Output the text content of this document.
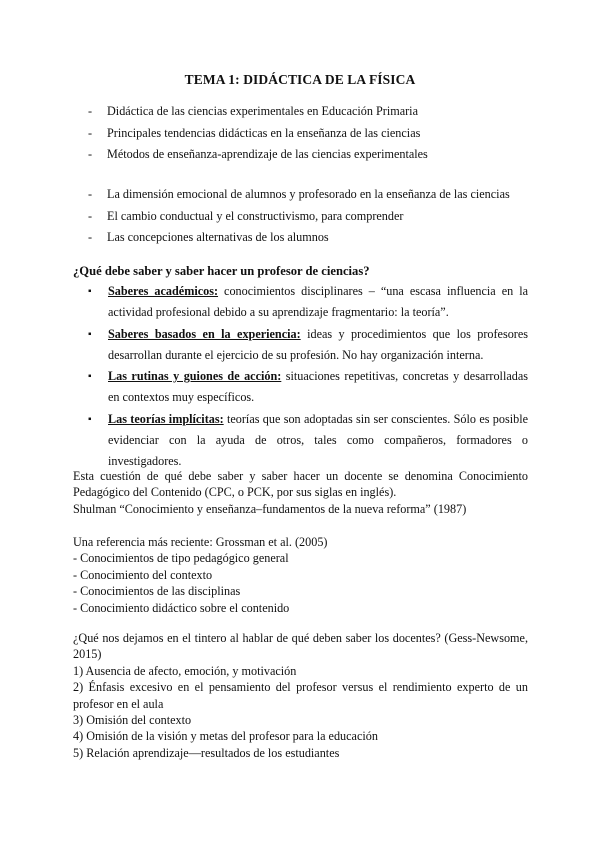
TEMA 1: DIDÁCTICA DE LA FÍSICA
- Didáctica de las ciencias experimentales en Educación Primaria
- Principales tendencias didácticas en la enseñanza de las ciencias
- Métodos de enseñanza-aprendizaje de las ciencias experimentales
- La dimensión emocional de alumnos y profesorado en la enseñanza de las ciencias
- El cambio conductual y el constructivismo, para comprender
- Las concepciones alternativas de los alumnos
¿Qué debe saber y saber hacer un profesor de ciencias?
▪ Saberes académicos: conocimientos disciplinares – “una escasa influencia en la actividad profesional debido a su aprendizaje fragmentario: la teoría”.
▪ Saberes basados en la experiencia: ideas y procedimientos que los profesores desarrollan durante el ejercicio de su profesión. No hay organización interna.
▪ Las rutinas y guiones de acción: situaciones repetitivas, concretas y desarrolladas en contextos muy específicos.
▪ Las teorías implícitas: teorías que son adoptadas sin ser conscientes. Sólo es posible evidenciar con la ayuda de otros, tales como compañeros, formadores o investigadores.
Esta cuestión de qué debe saber y saber hacer un docente se denomina Conocimiento Pedagógico del Contenido (CPC, o PCK, por sus siglas en inglés).
Shulman “Conocimiento y enseñanza–fundamentos de la nueva reforma” (1987)
Una referencia más reciente: Grossman et al. (2005)
- Conocimientos de tipo pedagógico general
- Conocimiento del contexto
- Conocimientos de las disciplinas
- Conocimiento didáctico sobre el contenido
¿Qué nos dejamos en el tintero al hablar de qué deben saber los docentes? (Gess-Newsome, 2015)
1) Ausencia de afecto, emoción, y motivación
2) Énfasis excesivo en el pensamiento del profesor versus el rendimiento experto de un profesor en el aula
3) Omisión del contexto
4) Omisión de la visión y metas del profesor para la educación
5) Relación aprendizaje—resultados de los estudiantes
